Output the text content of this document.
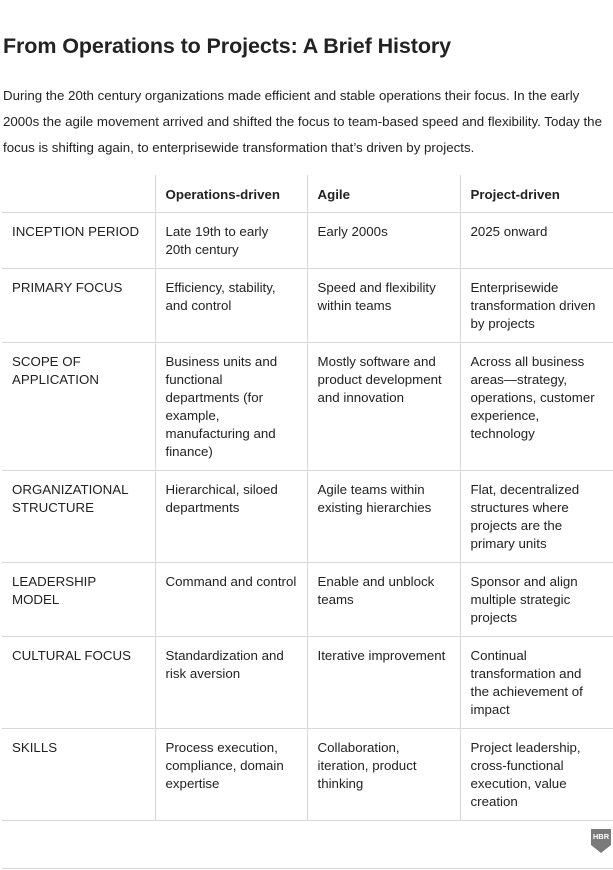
From Operations to Projects: A Brief History

During the 20th century organizations made efficient and stable operations their focus. In the early 2000s the agile movement arrived and shifted the focus to team-based speed and flexibility. Today the focus is shifting again, to enterprisewide transformation that’s driven by projects.

	Operations-driven	Agile	Project-driven
INCEPTION PERIOD	Late 19th to early 20th century	Early 2000s	2025 onward
PRIMARY FOCUS	Efficiency, stability, and control	Speed and flexibility within teams	Enterprisewide transformation driven by projects
SCOPE OF APPLICATION	Business units and functional departments (for example, manufacturing and finance)	Mostly software and product development and innovation	Across all business areas—strategy, operations, customer experience, technology
ORGANIZATIONAL STRUCTURE	Hierarchical, siloed departments	Agile teams within existing hierarchies	Flat, decentralized structures where projects are the primary units
LEADERSHIP MODEL	Command and control	Enable and unblock teams	Sponsor and align multiple strategic projects
CULTURAL FOCUS	Standardization and risk aversion	Iterative improvement	Continual transformation and the achievement of impact
SKILLS	Process execution, compliance, domain expertise	Collaboration, iteration, product thinking	Project leadership, cross-functional execution, value creation
HBR
